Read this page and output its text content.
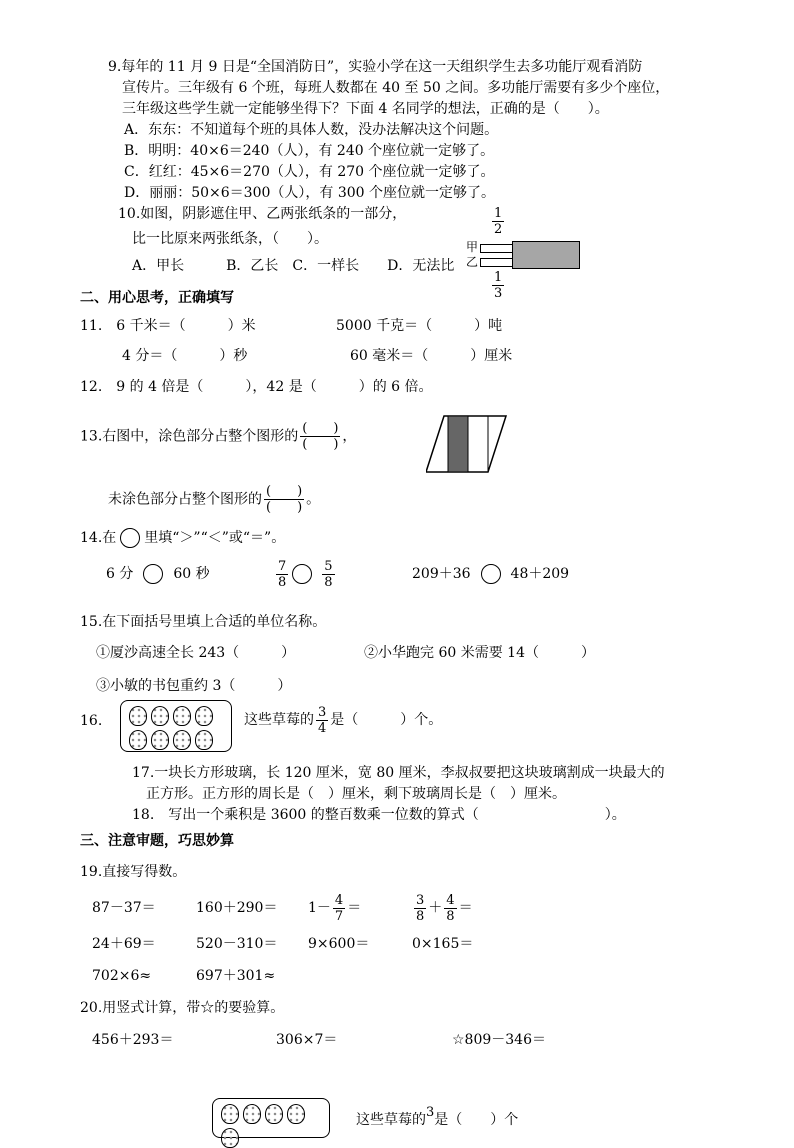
9.每年的 11 月 9 日是“全国消防日”，实验小学在这一天组织学生去多功能厅观看消防
宣传片。三年级有 6 个班，每班人数都在 40 至 50 之间。多功能厅需要有多少个座位，
三年级这些学生就一定能够坐得下？下面 4 名同学的想法，正确的是（　　）。
A．东东：不知道每个班的具体人数，没办法解决这个问题。
B．明明：40×6＝240（人），有 240 个座位就一定够了。
C．红红：45×6＝270（人），有 270 个座位就一定够了。
D．丽丽：50×6＝300（人），有 300 个座位就一定够了。
10.如图，阴影遮住甲、乙两张纸条的一部分，
比一比原来两张纸条，（　　）。
A．甲长　　　B．乙长　C．一样长　　D．无法比
$\frac{1}{2}$
甲
乙
$\frac{1}{3}$
二、用心思考，正确填写
11.　6 千米＝（　　　）米	5000 千克＝（　　　）吨
4 分＝（　　　）秒	60 毫米＝（　　　）厘米
12.　9 的 4 倍是（　　　），42 是（　　　）的 6 倍。
13.右图中，涂色部分占整个图形的 $\frac{( )}{( )}$ ，
未涂色部分占整个图形的 $\frac{( )}{( )}$ 。
14.在 里填“＞”“＜”或“＝”。
6 分	60 秒	$\frac{7}{8}$	$\frac{5}{8}$	209＋36	48＋209
15.在下面括号里填上合适的单位名称。
①厦沙高速全长 243（　　　）	②小华跑完 60 米需要 14（　　　）
③小敏的书包重约 3（　　　）
16.	这些草莓的 $\frac{3}{4}$ 是（　　　）个。
17.一块长方形玻璃，长 120 厘米，宽 80 厘米，李叔叔要把这块玻璃割成一块最大的
正方形。正方形的周长是（　）厘米，剩下玻璃周长是（　）厘米。
18.　写出一个乘积是 3600 的整百数乘一位数的算式（　　　　　　　　　）。
三、注意审题，巧思妙算
19.直接写得数。
87－37＝	$160+290= 1- \frac{4}{7}$ ＝	$\frac{3}{8} + \frac{4}{8}$ ＝
24＋69＝	520－310＝ 9×600＝	0×165＝
702×6≈	697＋301≈
20.用竖式计算，带☆的要验算。
456＋293＝	306×7＝	☆809－346＝
这些草莓的3是（　　）个
